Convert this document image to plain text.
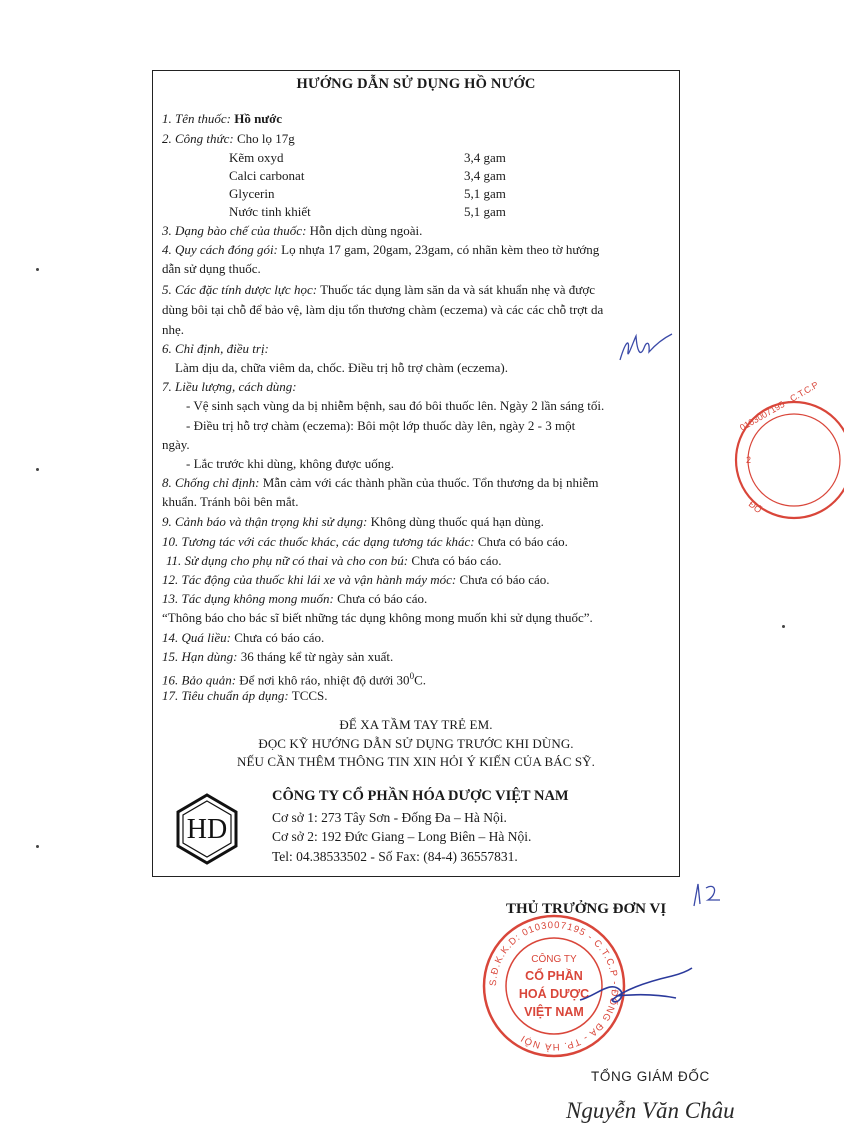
HƯỚNG DẪN SỬ DỤNG HỒ NƯỚC
1. Tên thuốc: Hồ nước
2. Công thức: Cho lọ 17g
Kẽm oxyd	3,4 gam
Calci carbonat	3,4 gam
Glycerin	5,1 gam
Nước tinh khiết	5,1 gam
3. Dạng bào chế của thuốc: Hỗn dịch dùng ngoài.
4. Quy cách đóng gói: Lọ nhựa 17 gam, 20gam, 23gam, có nhãn kèm theo tờ hướng
dẫn sử dụng thuốc.
5. Các đặc tính dược lực học: Thuốc tác dụng làm săn da và sát khuẩn nhẹ và được
dùng bôi tại chỗ để bảo vệ, làm dịu tổn thương chàm (eczema) và các các chỗ trợt da
nhẹ.
6. Chỉ định, điều trị:
Làm dịu da, chữa viêm da, chốc. Điều trị hỗ trợ chàm (eczema).
7. Liều lượng, cách dùng:
- Vệ sinh sạch vùng da bị nhiễm bệnh, sau đó bôi thuốc lên. Ngày 2 lần sáng tối.
- Điều trị hỗ trợ chàm (eczema): Bôi một lớp thuốc dày lên, ngày 2 - 3 một
ngày.
- Lắc trước khi dùng, không được uống.
8. Chống chỉ định: Mẫn cảm với các thành phần của thuốc. Tổn thương da bị nhiễm
khuẩn. Tránh bôi bên mắt.
9. Cảnh báo và thận trọng khi sử dụng: Không dùng thuốc quá hạn dùng.
10. Tương tác với các thuốc khác, các dạng tương tác khác: Chưa có báo cáo.
11. Sử dụng cho phụ nữ có thai và cho con bú: Chưa có báo cáo.
12. Tác động của thuốc khi lái xe và vận hành máy móc: Chưa có báo cáo.
13. Tác dụng không mong muốn: Chưa có báo cáo.
“Thông báo cho bác sĩ biết những tác dụng không mong muốn khi sử dụng thuốc”.
14. Quá liều: Chưa có báo cáo.
15. Hạn dùng: 36 tháng kể từ ngày sản xuất.
16. Bảo quản: Để nơi khô ráo, nhiệt độ dưới $30^0C$.
17. Tiêu chuẩn áp dụng: TCCS.
ĐỂ XA TẦM TAY TRẺ EM.
ĐỌC KỸ HƯỚNG DẪN SỬ DỤNG TRƯỚC KHI DÙNG.
NẾU CẦN THÊM THÔNG TIN XIN HỎI Ý KIẾN CỦA BÁC SỸ.
HD
CÔNG TY CỔ PHẦN HÓA DƯỢC VIỆT NAM
Cơ sở 1: 273 Tây Sơn - Đống Đa – Hà Nội.
Cơ sở 2: 192 Đức Giang – Long Biên – Hà Nội.
Tel: 04.38533502 - Số Fax: (84-4) 36557831.
0103007195 - C.T.C.P
2
ĐỐ
THỦ TRƯỞNG ĐƠN VỊ
S.Đ.K.K.D: 0103007195 - C.T.C.P - ĐỐNG ĐA - TP. HÀ NỘI
CÔNG TY
CỔ PHẦN
HOÁ DƯỢC
VIỆT NAM
TỔNG GIÁM ĐỐC
Nguyễn Văn Châu
